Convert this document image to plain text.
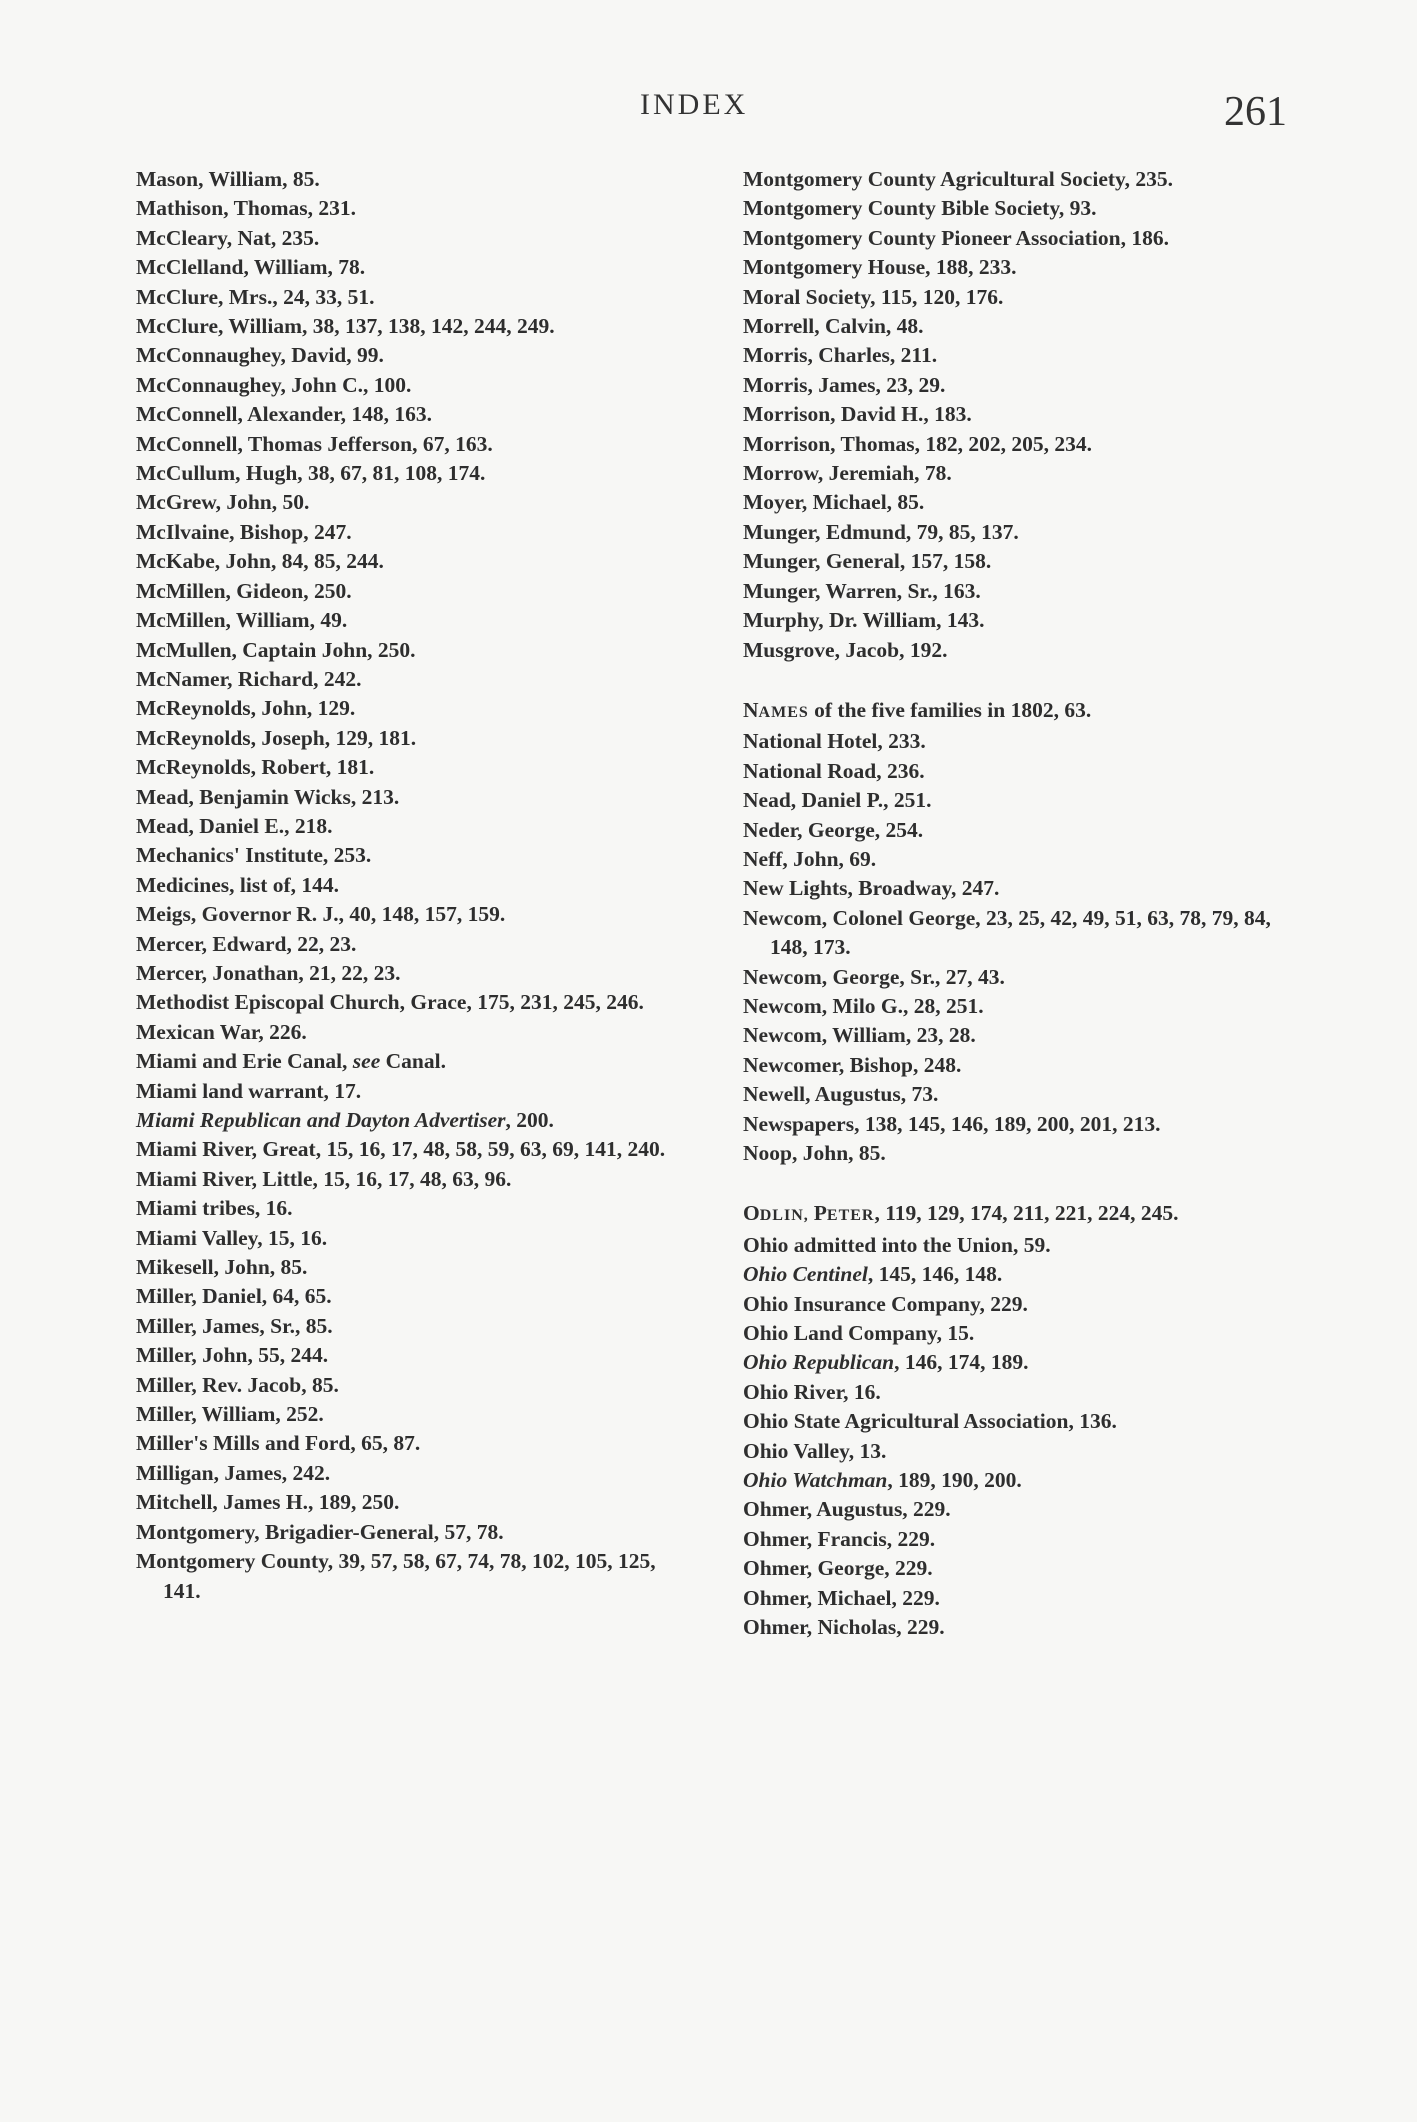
INDEX	261
Mason, William, 85.
Mathison, Thomas, 231.
McCleary, Nat, 235.
McClelland, William, 78.
McClure, Mrs., 24, 33, 51.
McClure, William, 38, 137, 138, 142, 244, 249.
McConnaughey, David, 99.
McConnaughey, John C., 100.
McConnell, Alexander, 148, 163.
McConnell, Thomas Jefferson, 67, 163.
McCullum, Hugh, 38, 67, 81, 108, 174.
McGrew, John, 50.
McIlvaine, Bishop, 247.
McKabe, John, 84, 85, 244.
McMillen, Gideon, 250.
McMillen, William, 49.
McMullen, Captain John, 250.
McNamer, Richard, 242.
McReynolds, John, 129.
McReynolds, Joseph, 129, 181.
McReynolds, Robert, 181.
Mead, Benjamin Wicks, 213.
Mead, Daniel E., 218.
Mechanics' Institute, 253.
Medicines, list of, 144.
Meigs, Governor R. J., 40, 148, 157, 159.
Mercer, Edward, 22, 23.
Mercer, Jonathan, 21, 22, 23.
Methodist Episcopal Church, Grace, 175, 231, 245, 246.
Mexican War, 226.
Miami and Erie Canal, see Canal.
Miami land warrant, 17.
Miami Republican and Dayton Advertiser, 200.
Miami River, Great, 15, 16, 17, 48, 58, 59, 63, 69, 141, 240.
Miami River, Little, 15, 16, 17, 48, 63, 96.
Miami tribes, 16.
Miami Valley, 15, 16.
Mikesell, John, 85.
Miller, Daniel, 64, 65.
Miller, James, Sr., 85.
Miller, John, 55, 244.
Miller, Rev. Jacob, 85.
Miller, William, 252.
Miller's Mills and Ford, 65, 87.
Milligan, James, 242.
Mitchell, James H., 189, 250.
Montgomery, Brigadier-General, 57, 78.
Montgomery County, 39, 57, 58, 67, 74, 78, 102, 105, 125, 141.
Montgomery County Agricultural Society, 235.
Montgomery County Bible Society, 93.
Montgomery County Pioneer Association, 186.
Montgomery House, 188, 233.
Moral Society, 115, 120, 176.
Morrell, Calvin, 48.
Morris, Charles, 211.
Morris, James, 23, 29.
Morrison, David H., 183.
Morrison, Thomas, 182, 202, 205, 234.
Morrow, Jeremiah, 78.
Moyer, Michael, 85.
Munger, Edmund, 79, 85, 137.
Munger, General, 157, 158.
Munger, Warren, Sr., 163.
Murphy, Dr. William, 143.
Musgrove, Jacob, 192.
NAMES of the five families in 1802, 63.
National Hotel, 233.
National Road, 236.
Nead, Daniel P., 251.
Neder, George, 254.
Neff, John, 69.
New Lights, Broadway, 247.
Newcom, Colonel George, 23, 25, 42, 49, 51, 63, 78, 79, 84, 148, 173.
Newcom, George, Sr., 27, 43.
Newcom, Milo G., 28, 251.
Newcom, William, 23, 28.
Newcomer, Bishop, 248.
Newell, Augustus, 73.
Newspapers, 138, 145, 146, 189, 200, 201, 213.
Noop, John, 85.
ODLIN, PETER, 119, 129, 174, 211, 221, 224, 245.
Ohio admitted into the Union, 59.
Ohio Centinel, 145, 146, 148.
Ohio Insurance Company, 229.
Ohio Land Company, 15.
Ohio Republican, 146, 174, 189.
Ohio River, 16.
Ohio State Agricultural Association, 136.
Ohio Valley, 13.
Ohio Watchman, 189, 190, 200.
Ohmer, Augustus, 229.
Ohmer, Francis, 229.
Ohmer, George, 229.
Ohmer, Michael, 229.
Ohmer, Nicholas, 229.
